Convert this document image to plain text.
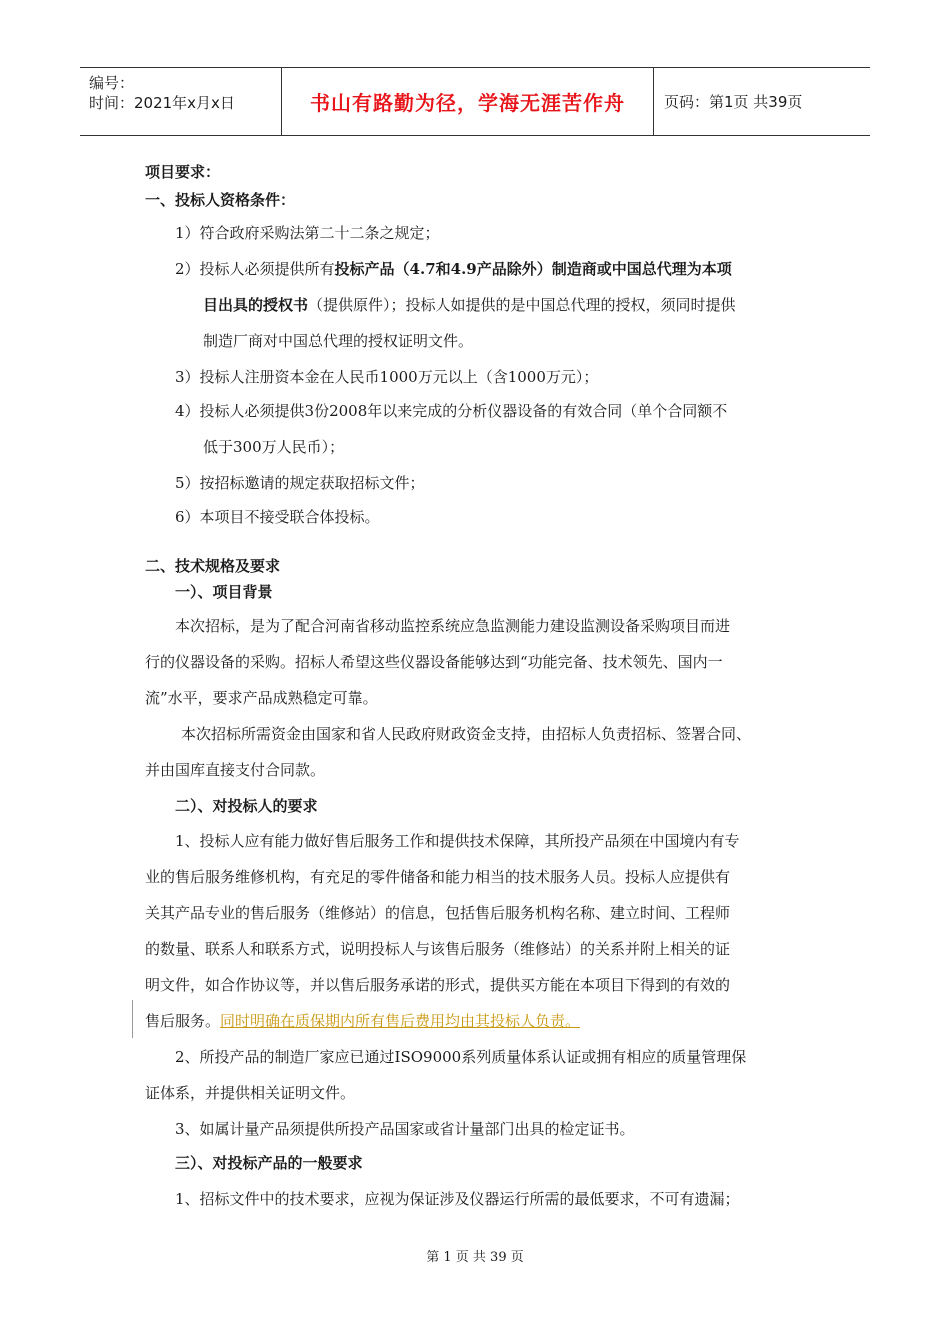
编号：
时间：2021年x月x日	书山有路勤为径，学海无涯苦作舟	页码：第1页 共39页
项目要求：
一、投标人资格条件：
1）符合政府采购法第二十二条之规定；
2）投标人必须提供所有投标产品（4.7和4.9产品除外）制造商或中国总代理为本项
目出具的授权书（提供原件）；投标人如提供的是中国总代理的授权，须同时提供
制造厂商对中国总代理的授权证明文件。
3）投标人注册资本金在人民币1000万元以上（含1000万元）；
4）投标人必须提供3份2008年以来完成的分析仪器设备的有效合同（单个合同额不
低于300万人民币）；
5）按招标邀请的规定获取招标文件；
6）本项目不接受联合体投标。
二、技术规格及要求
一）、项目背景
本次招标，是为了配合河南省移动监控系统应急监测能力建设监测设备采购项目而进
行的仪器设备的采购。招标人希望这些仪器设备能够达到“功能完备、技术领先、国内一
流”水平，要求产品成熟稳定可靠。
本次招标所需资金由国家和省人民政府财政资金支持，由招标人负责招标、签署合同、
并由国库直接支付合同款。
二）、对投标人的要求
1、投标人应有能力做好售后服务工作和提供技术保障，其所投产品须在中国境内有专
业的售后服务维修机构，有充足的零件储备和能力相当的技术服务人员。投标人应提供有
关其产品专业的售后服务（维修站）的信息，包括售后服务机构名称、建立时间、工程师
的数量、联系人和联系方式，说明投标人与该售后服务（维修站）的关系并附上相关的证
明文件，如合作协议等，并以售后服务承诺的形式，提供买方能在本项目下得到的有效的
售后服务。同时明确在质保期内所有售后费用均由其投标人负责。
2、所投产品的制造厂家应已通过ISO9000系列质量体系认证或拥有相应的质量管理保
证体系，并提供相关证明文件。
3、如属计量产品须提供所投产品国家或省计量部门出具的检定证书。
三）、对投标产品的一般要求
1、招标文件中的技术要求，应视为保证涉及仪器运行所需的最低要求，不可有遗漏；
第 1 页 共 39 页
